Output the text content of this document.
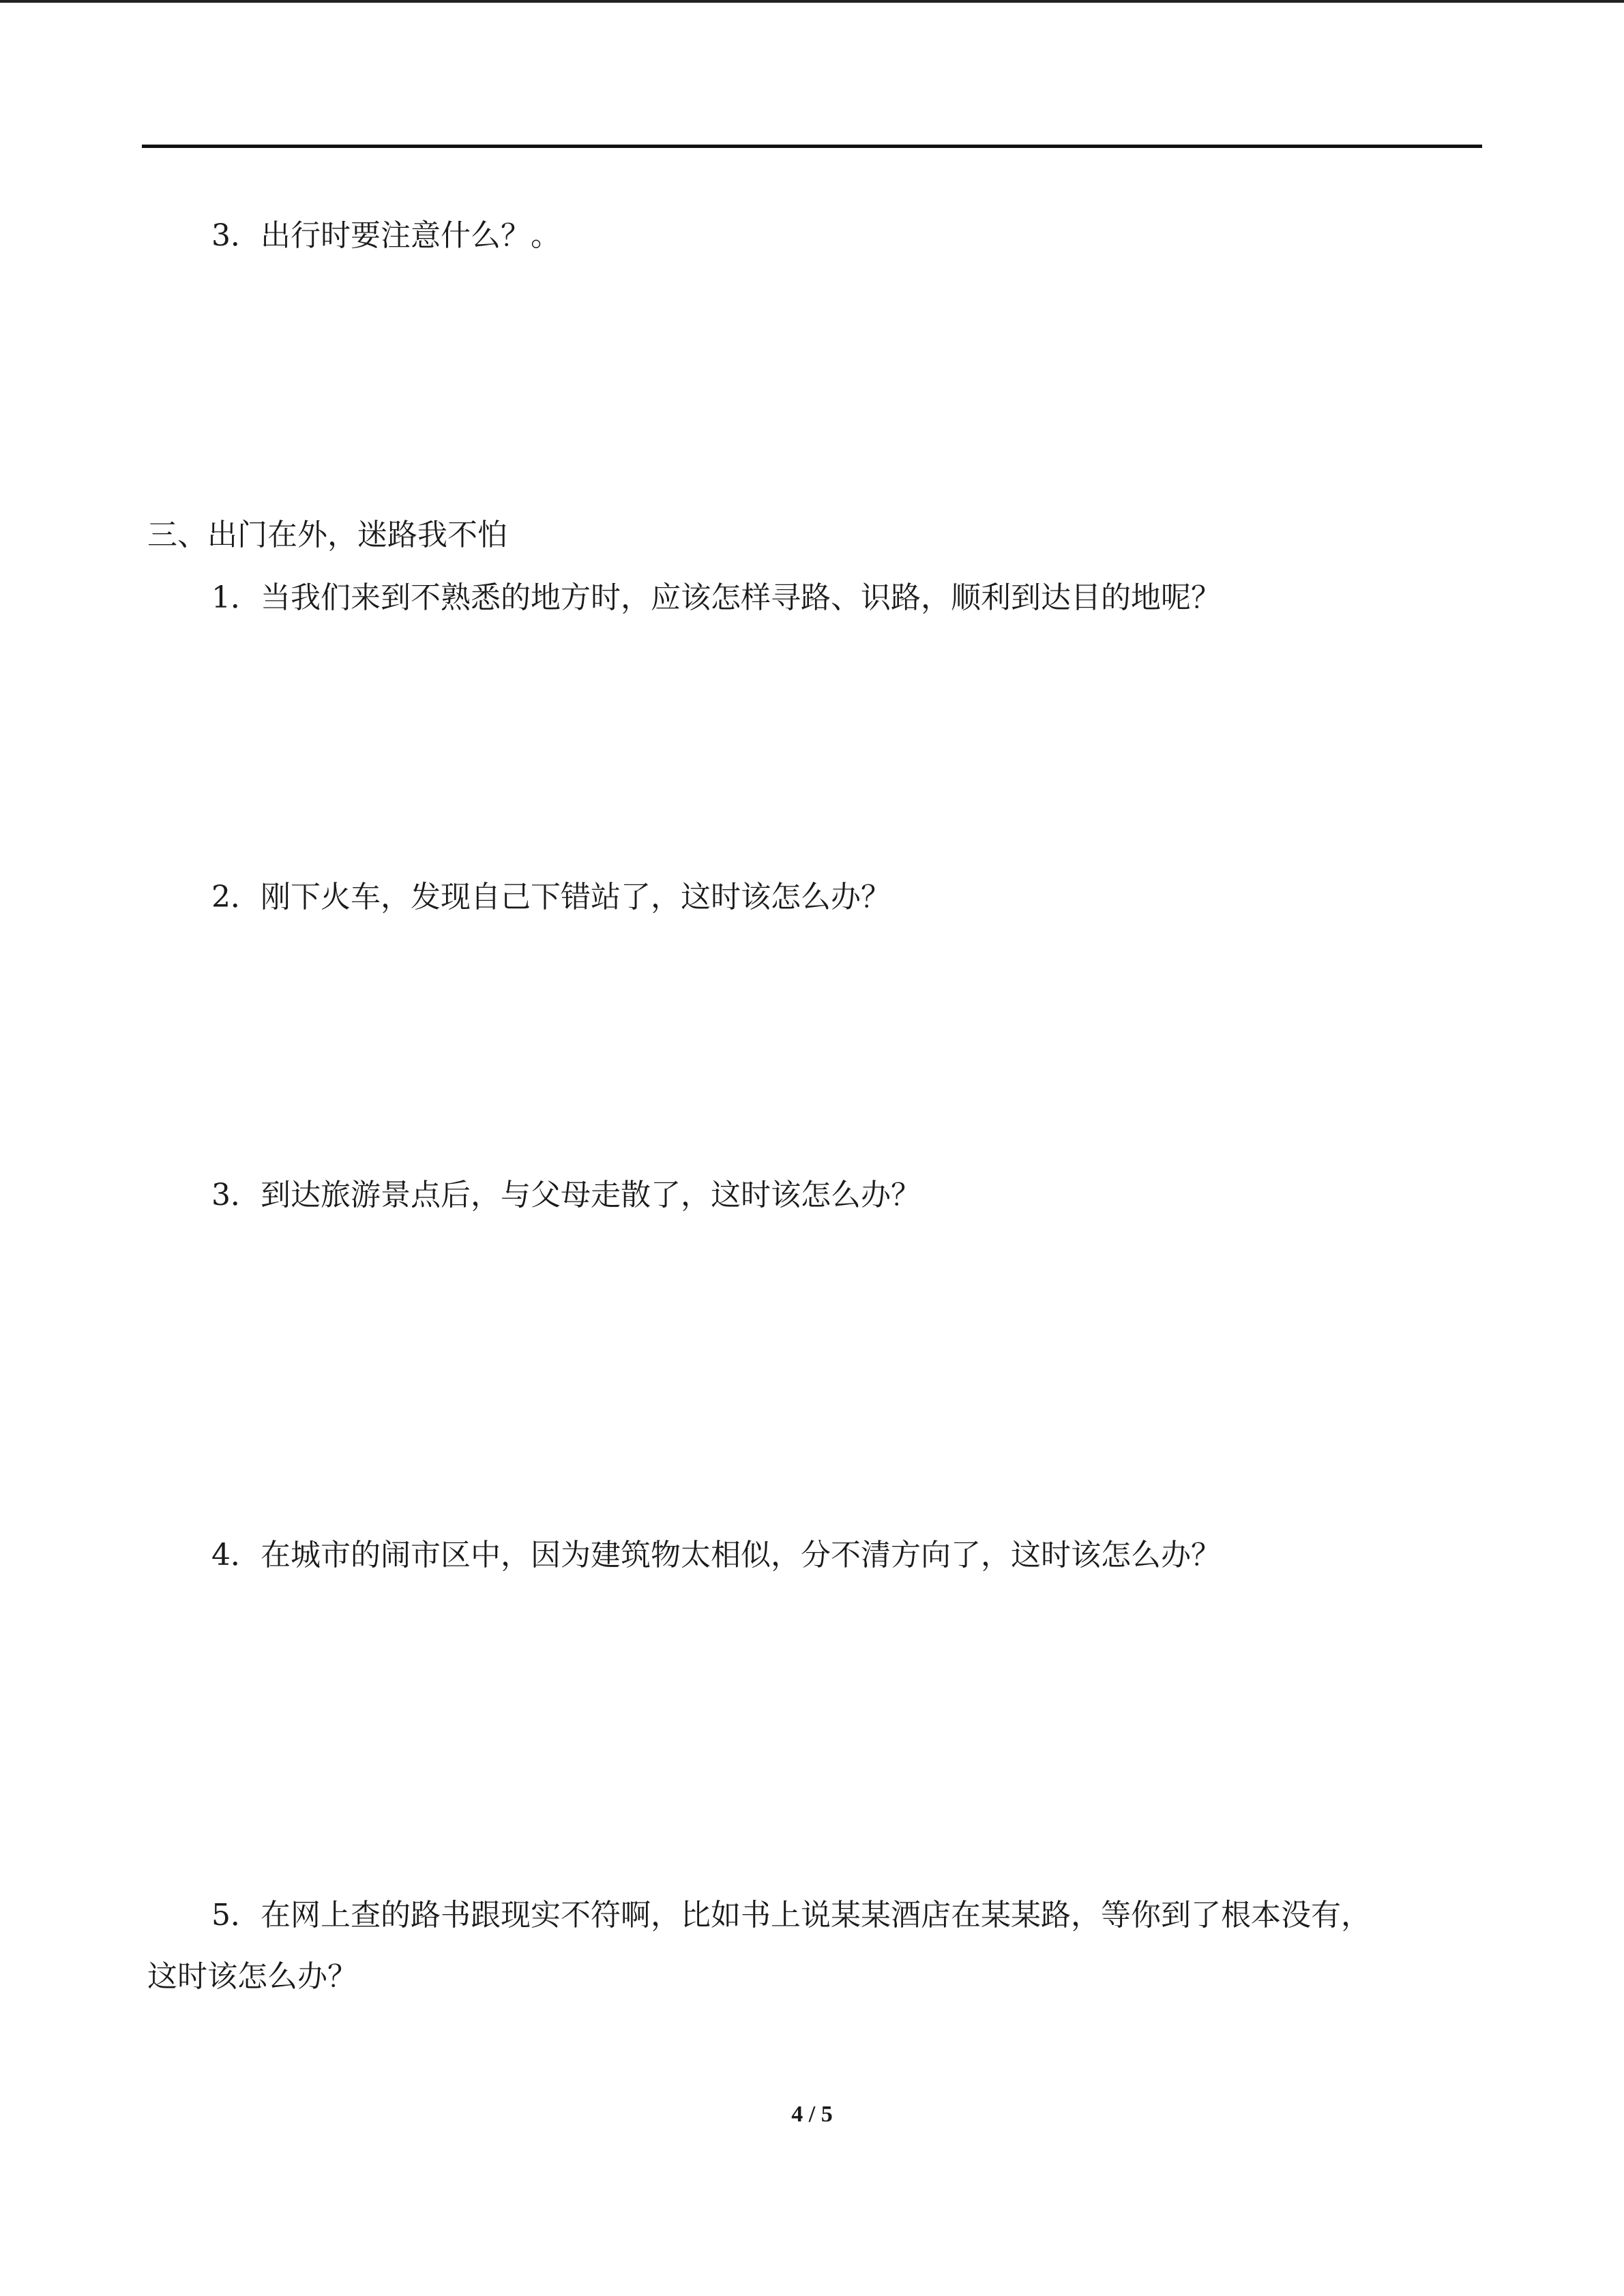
3．出行时要注意什么？。
三、出门在外，迷路我不怕
1．当我们来到不熟悉的地方时，应该怎样寻路、识路，顺利到达目的地呢？
2．刚下火车，发现自己下错站了，这时该怎么办？
3．到达旅游景点后，与父母走散了，这时该怎么办？
4．在城市的闹市区中，因为建筑物太相似，分不清方向了，这时该怎么办？
5．在网上查的路书跟现实不符啊，比如书上说某某酒店在某某路，等你到了根本没有，
这时该怎么办？
4 / 5
